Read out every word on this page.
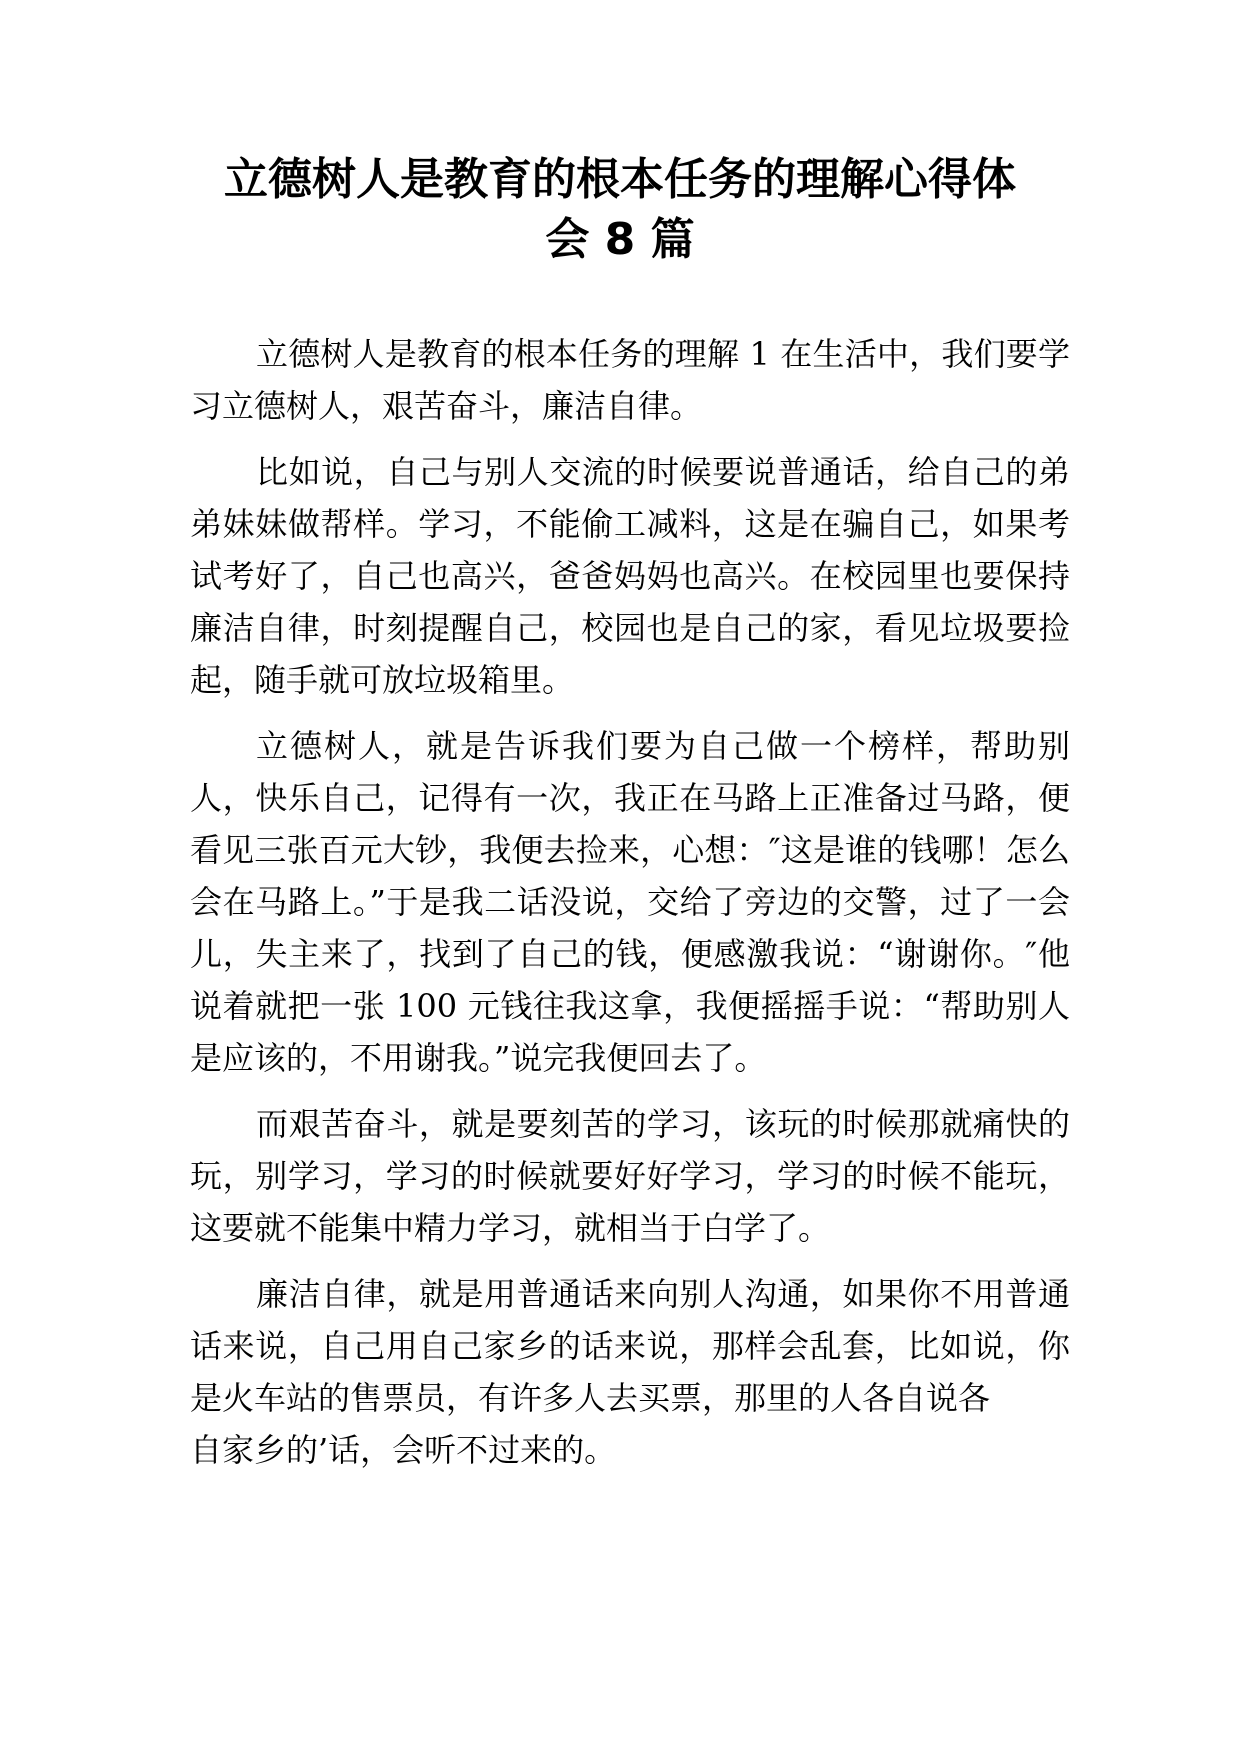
立德树人是教育的根本任务的理解心得体
会 8 篇

立德树人是教育的根本任务的理解 1 在生活中，我们要学习立德树人，艰苦奋斗，廉洁自律。

比如说，自己与别人交流的时候要说普通话，给自己的弟弟妹妹做帮样。学习，不能偷工减料，这是在骗自己，如果考试考好了，自己也高兴，爸爸妈妈也高兴。在校园里也要保持廉洁自律，时刻提醒自己，校园也是自己的家，看见垃圾要捡起，随手就可放垃圾箱里。

立德树人，就是告诉我们要为自己做一个榜样，帮助别人，快乐自己，记得有一次，我正在马路上正准备过马路，便看见三张百元大钞，我便去捡来，心想：″这是谁的钱哪！怎么会在马路上。”于是我二话没说，交给了旁边的交警，过了一会儿，失主来了，找到了自己的钱，便感激我说：“谢谢你。″他说着就把一张 100 元钱往我这拿，我便摇摇手说：“帮助别人是应该的，不用谢我。”说完我便回去了。

而艰苦奋斗，就是要刻苦的学习，该玩的时候那就痛快的玩，别学习，学习的时候就要好好学习，学习的时候不能玩，这要就不能集中精力学习，就相当于白学了。

廉洁自律，就是用普通话来向别人沟通，如果你不用普通话来说，自己用自己家乡的话来说，那样会乱套，比如说，你是火车站的售票员，有许多人去买票，那里的人各自说各

自家乡的’话，会听不过来的。
